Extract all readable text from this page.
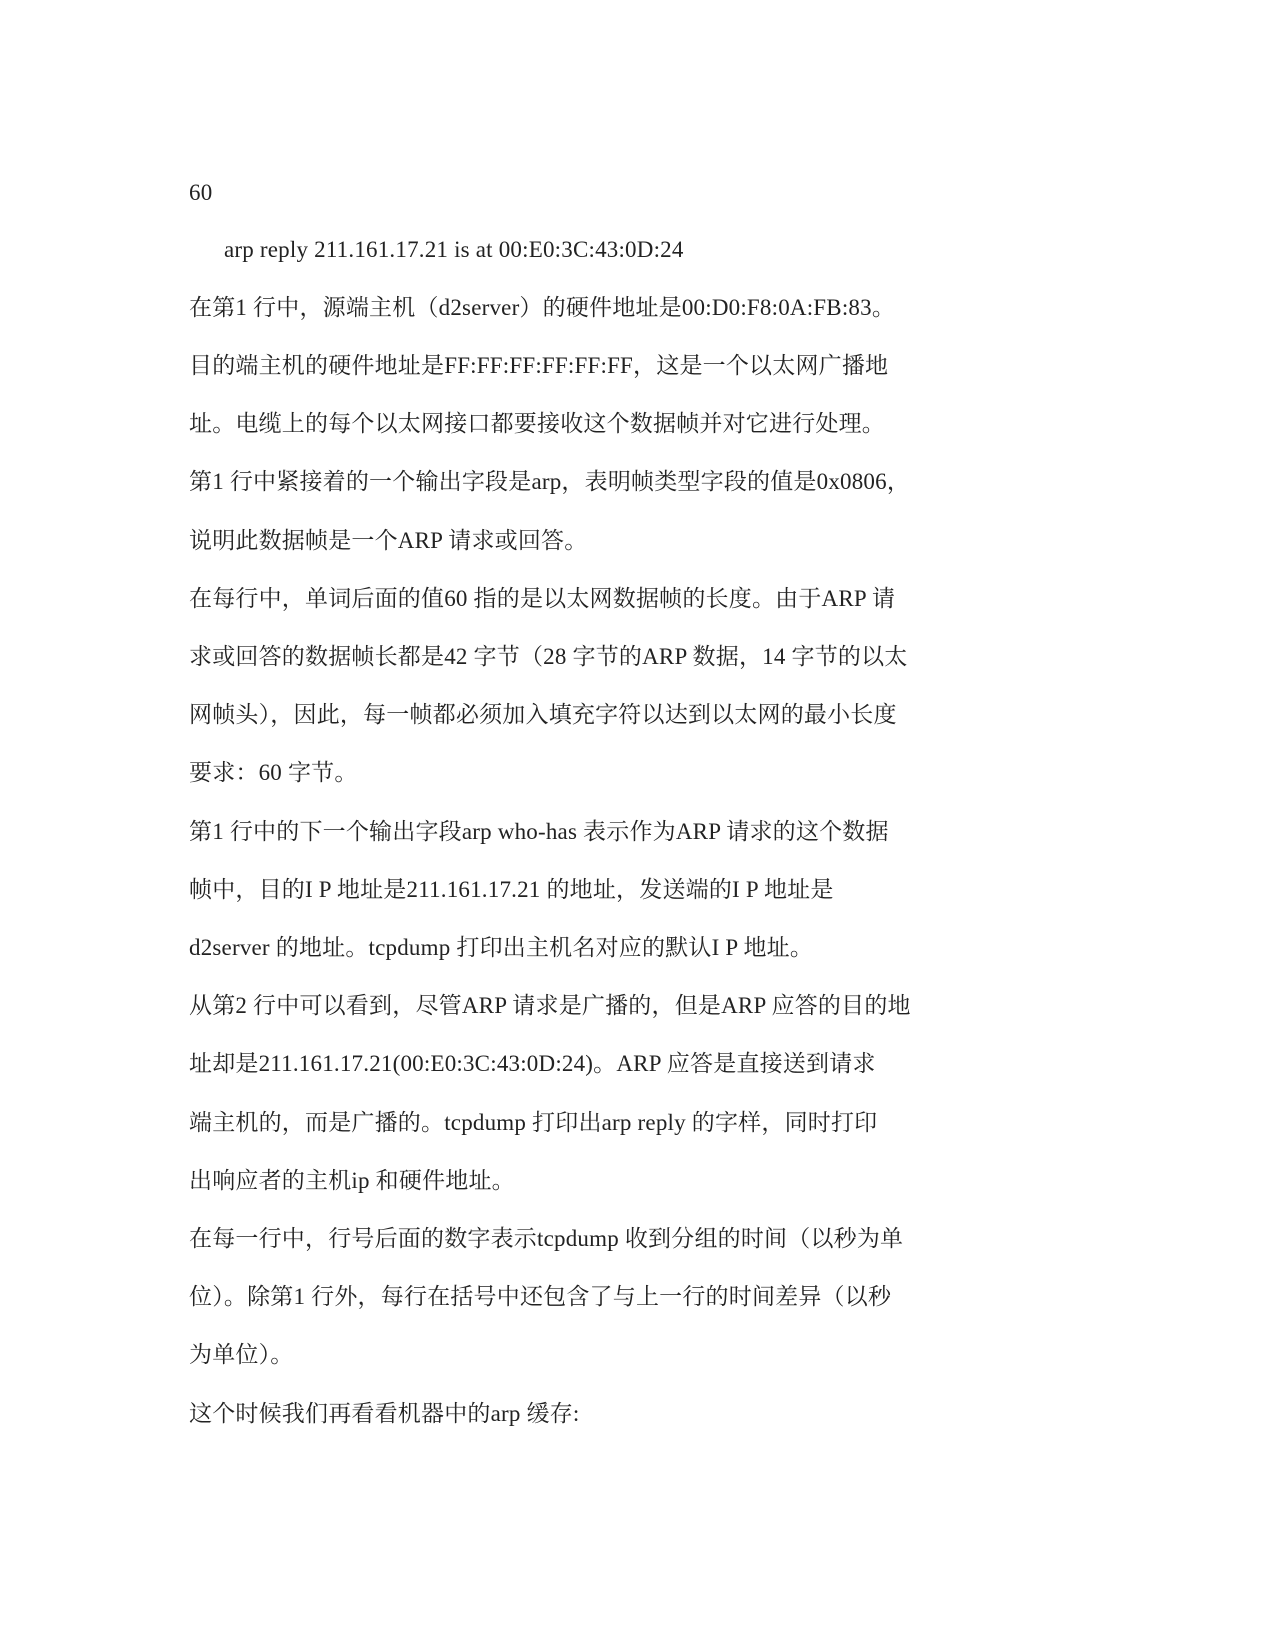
60
arp reply 211.161.17.21 is at 00:E0:3C:43:0D:24
在第1 行中，源端主机（d2server）的硬件地址是00:D0:F8:0A:FB:83。
目的端主机的硬件地址是FF:FF:FF:FF:FF:FF，这是一个以太网广播地
址。电缆上的每个以太网接口都要接收这个数据帧并对它进行处理。
第1 行中紧接着的一个输出字段是arp，表明帧类型字段的值是0x0806，
说明此数据帧是一个ARP 请求或回答。
在每行中，单词后面的值60 指的是以太网数据帧的长度。由于ARP 请
求或回答的数据帧长都是42 字节（28 字节的ARP 数据，14 字节的以太
网帧头），因此，每一帧都必须加入填充字符以达到以太网的最小长度
要求：60 字节。
第1 行中的下一个输出字段arp who-has 表示作为ARP 请求的这个数据
帧中，目的I P 地址是211.161.17.21 的地址，发送端的I P 地址是
d2server 的地址。tcpdump 打印出主机名对应的默认I P 地址。
从第2 行中可以看到，尽管ARP 请求是广播的，但是ARP 应答的目的地
址却是211.161.17.21(00:E0:3C:43:0D:24)。ARP 应答是直接送到请求
端主机的，而是广播的。tcpdump 打印出arp reply 的字样，同时打印
出响应者的主机ip 和硬件地址。
在每一行中，行号后面的数字表示tcpdump 收到分组的时间（以秒为单
位）。除第1 行外，每行在括号中还包含了与上一行的时间差异（以秒
为单位）。
这个时候我们再看看机器中的arp 缓存:
